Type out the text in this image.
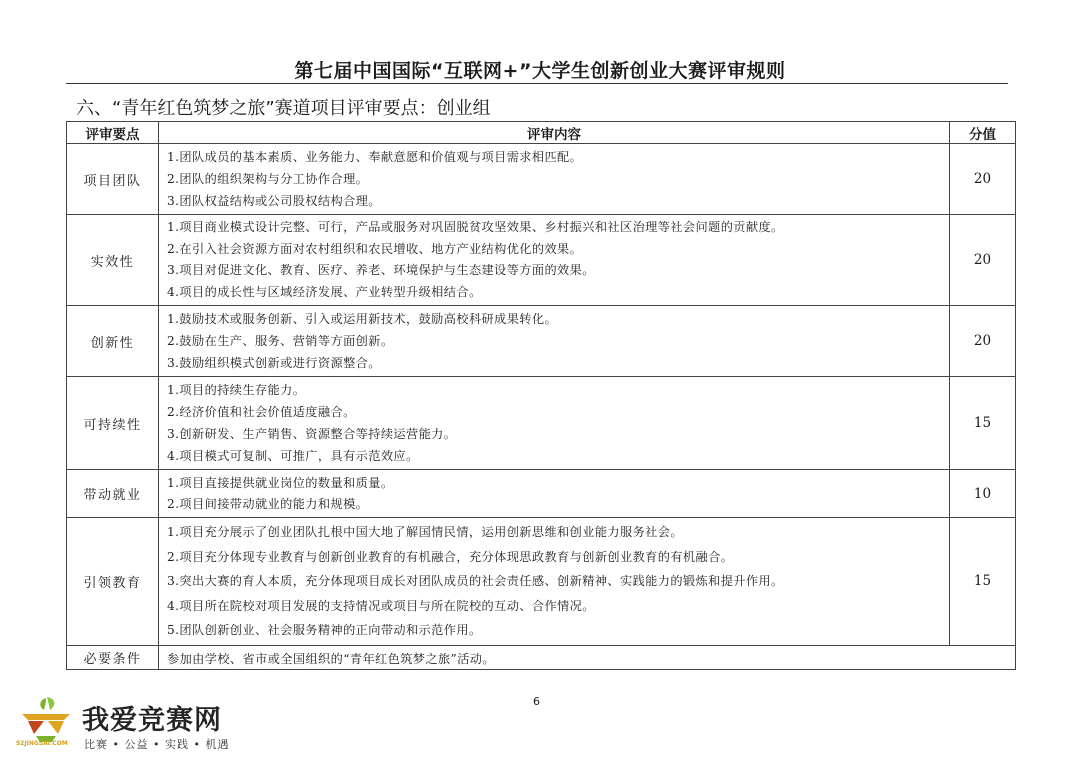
第七届中国国际“互联网+”大学生创新创业大赛评审规则
六、“青年红色筑梦之旅”赛道项目评审要点：创业组
评审要点	评审内容	分值
项目团队	1.团队成员的基本素质、业务能力、奉献意愿和价值观与项目需求相匹配。
2.团队的组织架构与分工协作合理。
3.团队权益结构或公司股权结构合理。	20
实效性	1.项目商业模式设计完整、可行，产品或服务对巩固脱贫攻坚效果、乡村振兴和社区治理等社会问题的贡献度。
2.在引入社会资源方面对农村组织和农民增收、地方产业结构优化的效果。
3.项目对促进文化、教育、医疗、养老、环境保护与生态建设等方面的效果。
4.项目的成长性与区域经济发展、产业转型升级相结合。	20
创新性	1.鼓励技术或服务创新、引入或运用新技术，鼓励高校科研成果转化。
2.鼓励在生产、服务、营销等方面创新。
3.鼓励组织模式创新或进行资源整合。	20
可持续性	1.项目的持续生存能力。
2.经济价值和社会价值适度融合。
3.创新研发、生产销售、资源整合等持续运营能力。
4.项目模式可复制、可推广，具有示范效应。	15
带动就业	1.项目直接提供就业岗位的数量和质量。
2.项目间接带动就业的能力和规模。	10
引领教育	1.项目充分展示了创业团队扎根中国大地了解国情民情，运用创新思维和创业能力服务社会。
2.项目充分体现专业教育与创新创业教育的有机融合，充分体现思政教育与创新创业教育的有机融合。
3.突出大赛的育人本质，充分体现项目成长对团队成员的社会责任感、创新精神、实践能力的锻炼和提升作用。
4.项目所在院校对项目发展的支持情况或项目与所在院校的互动、合作情况。
5.团队创新创业、社会服务精神的正向带动和示范作用。	15
必要条件	参加由学校、省市或全国组织的“青年红色筑梦之旅”活动。	
6
52JINGSAI.COM
我爱竞赛网
比赛 • 公益 • 实践 • 机遇
